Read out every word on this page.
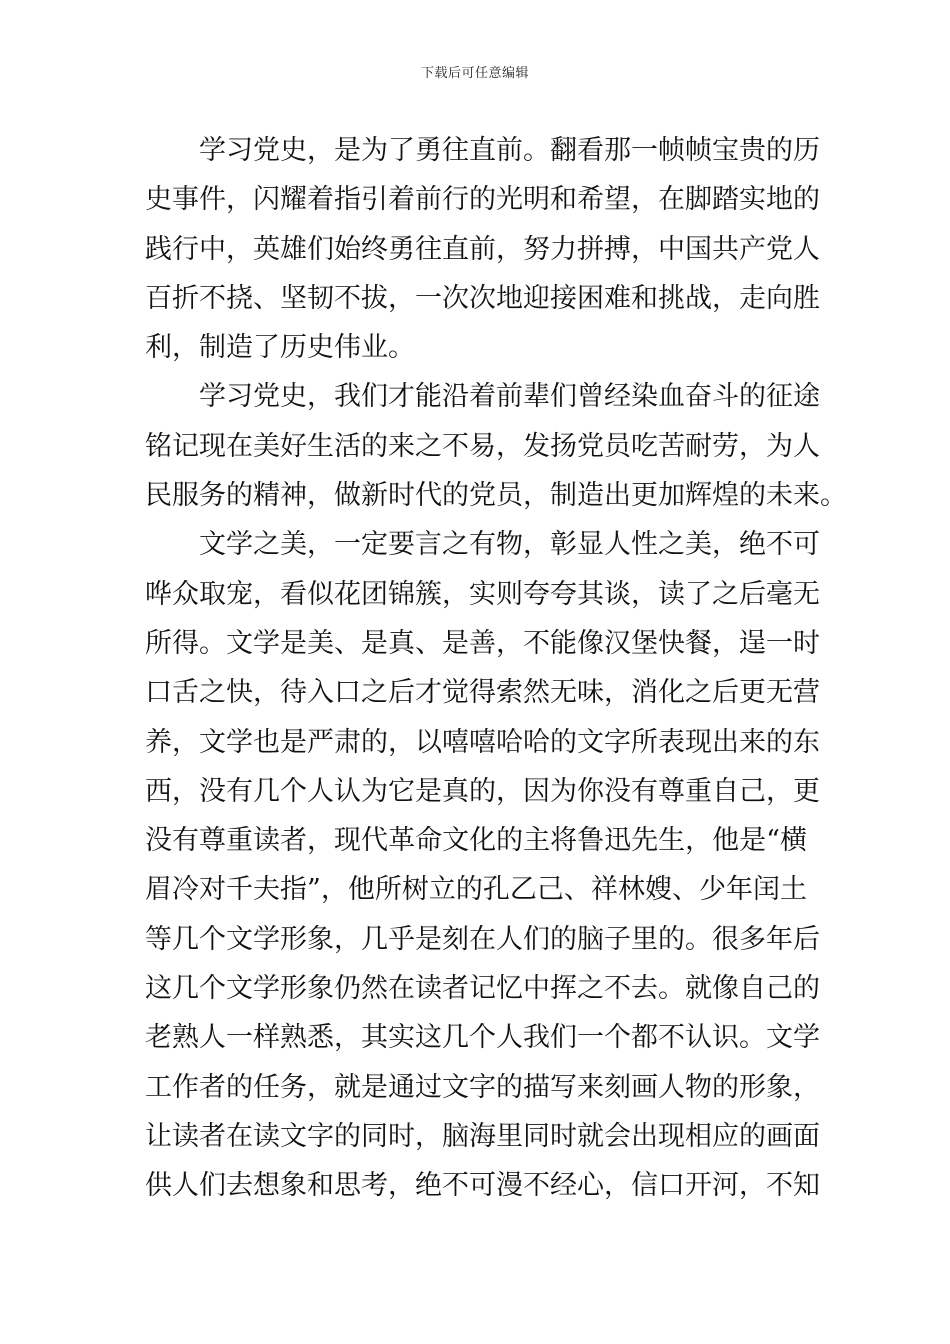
下载后可任意编辑
学习党史，是为了勇往直前。翻看那一帧帧宝贵的历
史事件，闪耀着指引着前行的光明和希望，在脚踏实地的
践行中，英雄们始终勇往直前，努力拼搏，中国共产党人
百折不挠、坚韧不拔，一次次地迎接困难和挑战，走向胜
利，制造了历史伟业。
学习党史，我们才能沿着前辈们曾经染血奋斗的征途
铭记现在美好生活的来之不易，发扬党员吃苦耐劳，为人
民服务的精神，做新时代的党员，制造出更加辉煌的未来。
文学之美，一定要言之有物，彰显人性之美，绝不可
哗众取宠，看似花团锦簇，实则夸夸其谈，读了之后毫无
所得。文学是美、是真、是善，不能像汉堡快餐，逞一时
口舌之快，待入口之后才觉得索然无味，消化之后更无营
养，文学也是严肃的，以嘻嘻哈哈的文字所表现出来的东
西，没有几个人认为它是真的，因为你没有尊重自己，更
没有尊重读者，现代革命文化的主将鲁迅先生，他是“横
眉冷对千夫指”，他所树立的孔乙己、祥林嫂、少年闰土
等几个文学形象，几乎是刻在人们的脑子里的。很多年后
这几个文学形象仍然在读者记忆中挥之不去。就像自己的
老熟人一样熟悉，其实这几个人我们一个都不认识。文学
工作者的任务，就是通过文字的描写来刻画人物的形象，
让读者在读文字的同时，脑海里同时就会出现相应的画面
供人们去想象和思考，绝不可漫不经心，信口开河，不知
